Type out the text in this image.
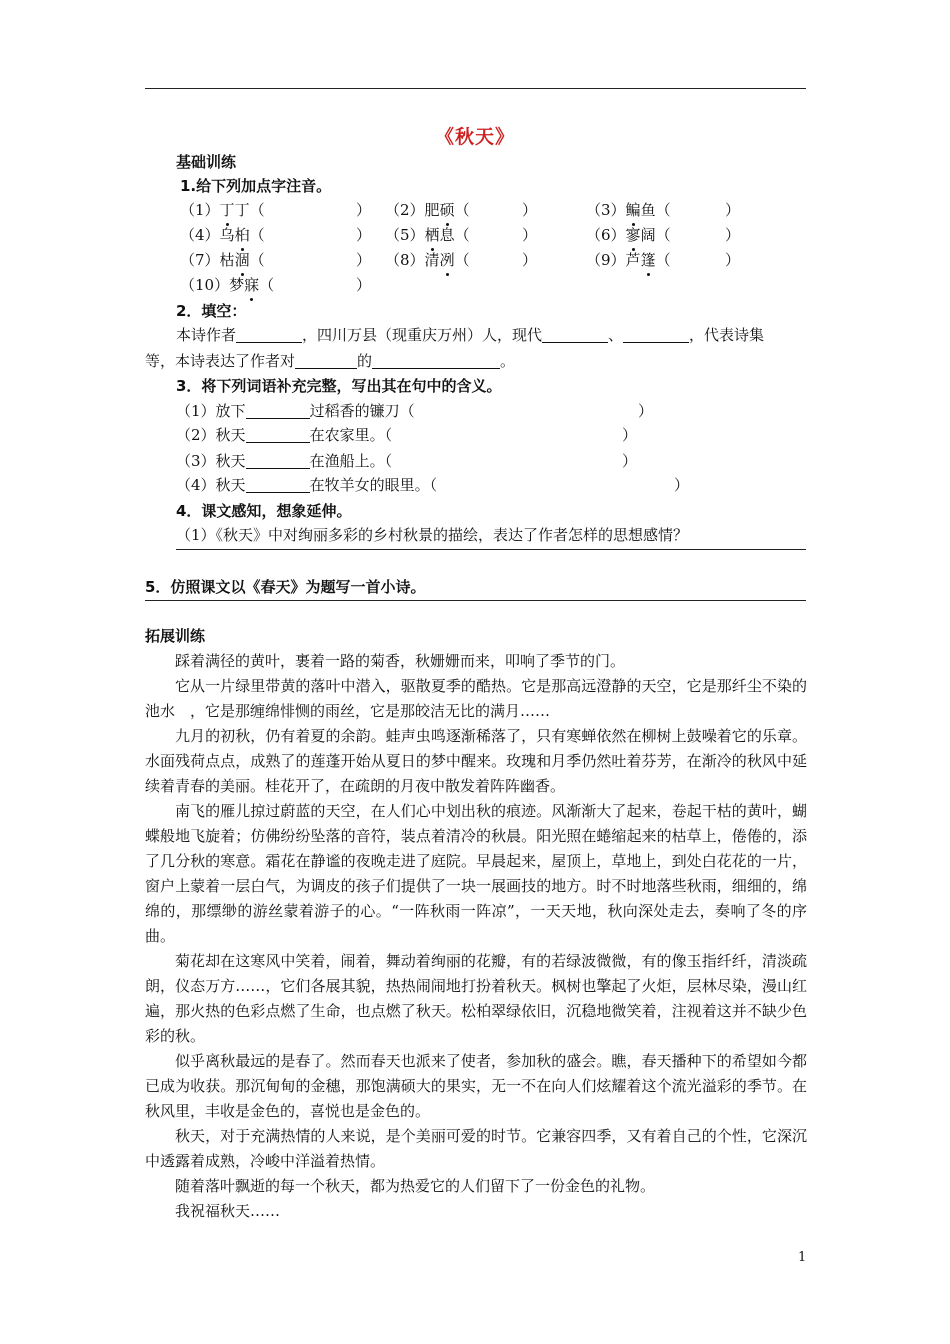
《秋天》
基础训练
1.给下列加点字注音。
（1）丁丁（	） （2）肥硕（	）	（3）鳊鱼（	）
（4）乌桕（	） （5）栖息（	）	（6）寥阔（	）
（7）枯涸（	） （8）清冽（	）	（9）芦篷（	）
（10）梦寐（	）
2．填空：
本诗作者	，四川万县（现重庆万州）人，现代	、	，代表诗集
等，本诗表达了作者对	的	。
3．将下列词语补充完整，写出其在句中的含义。
（1）放下	过稻香的镰刀（	）
（2）秋天	在农家里。（	）
（3）秋天	在渔船上。（	）
（4）秋天	在牧羊女的眼里。（	）
4．课文感知，想象延伸。
（1）《秋天》中对绚丽多彩的乡村秋景的描绘，表达了作者怎样的思想感情？
5．仿照课文以《春天》为题写一首小诗。
拓展训练

踩着满径的黄叶，裹着一路的菊香，秋姗姗而来，叩响了季节的门。

它从一片绿里带黄的落叶中潜入，驱散夏季的酷热。它是那高远澄静的天空，它是那纤尘不染的池水　，它是那缠绵悱恻的雨丝，它是那皎洁无比的满月……

九月的初秋，仍有着夏的余韵。蛙声虫鸣逐渐稀落了，只有寒蝉依然在柳树上鼓噪着它的乐章。水面残荷点点，成熟了的莲蓬开始从夏日的梦中醒来。玫瑰和月季仍然吐着芬芳，在渐冷的秋风中延续着青春的美丽。桂花开了，在疏朗的月夜中散发着阵阵幽香。

南飞的雁儿掠过蔚蓝的天空，在人们心中划出秋的痕迹。风渐渐大了起来，卷起干枯的黄叶，蝴蝶般地飞旋着；仿佛纷纷坠落的音符，装点着清冷的秋晨。阳光照在蜷缩起来的枯草上，倦倦的，添了几分秋的寒意。霜花在静谧的夜晚走进了庭院。早晨起来，屋顶上，草地上，到处白花花的一片，窗户上蒙着一层白气，为调皮的孩子们提供了一块一展画技的地方。时不时地落些秋雨，细细的，绵绵的，那缥缈的游丝蒙着游子的心。“一阵秋雨一阵凉”，一天天地，秋向深处走去，奏响了冬的序曲。

菊花却在这寒风中笑着，闹着，舞动着绚丽的花瓣，有的若绿波微微，有的像玉指纤纤，清淡疏朗，仪态万方……，它们各展其貌，热热闹闹地打扮着秋天。枫树也擎起了火炬，层林尽染，漫山红遍，那火热的色彩点燃了生命，也点燃了秋天。松柏翠绿依旧，沉稳地微笑着，注视着这并不缺少色彩的秋。

似乎离秋最远的是春了。然而春天也派来了使者，参加秋的盛会。瞧，春天播种下的希望如今都已成为收获。那沉甸甸的金穗，那饱满硕大的果实，无一不在向人们炫耀着这个流光溢彩的季节。在秋风里，丰收是金色的，喜悦也是金色的。

秋天，对于充满热情的人来说，是个美丽可爱的时节。它兼容四季，又有着自己的个性，它深沉中透露着成熟，冷峻中洋溢着热情。

随着落叶飘逝的每一个秋天，都为热爱它的人们留下了一份金色的礼物。

我祝福秋天……

1
